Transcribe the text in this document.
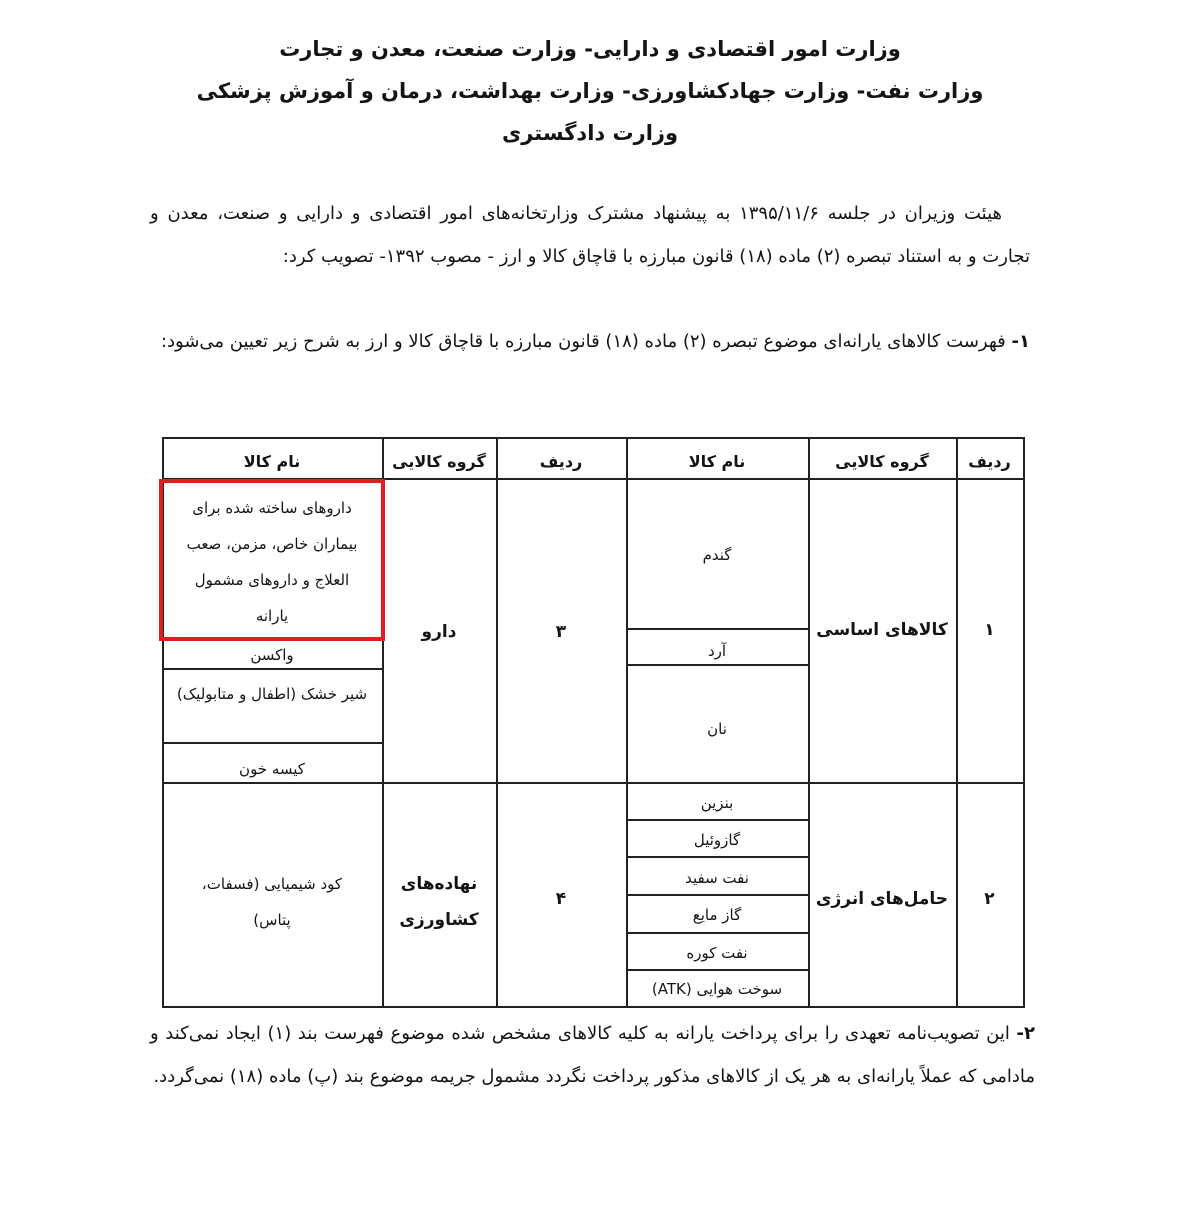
وزارت امور اقتصادی و دارایی- وزارت صنعت، معدن و تجارت
وزارت نفت- وزارت جهادکشاورزی- وزارت بهداشت، درمان و آموزش پزشکی
وزارت دادگستری
هیئت وزیران در جلسه ۱۳۹۵/۱۱/۶ به پیشنهاد مشترک وزارتخانه‌های امور اقتصادی و دارایی و صنعت، معدن و تجارت و به استناد تبصره (۲) ماده (۱۸) قانون مبارزه با قاچاق کالا و ارز - مصوب ۱۳۹۲- تصویب کرد:
۱- فهرست کالاهای یارانه‌ای موضوع تبصره (۲) ماده (۱۸) قانون مبارزه با قاچاق کالا و ارز به شرح زیر تعیین می‌شود:
ردیف
گروه کالایی
نام کالا
ردیف
گروه کالایی
نام کالا
۱
کالاهای اساسی
گندم
آرد
نان
۲
حامل‌های انرژی
بنزین
گازوئیل
نفت سفید
گاز مایع
نفت کوره
سوخت هوایی (ATK)
۳
دارو
داروهای ساخته شده برای بیماران خاص، مزمن، صعب العلاج و داروهای مشمول یارانه
واکسن
شیر خشک (اطفال و متابولیک)
کیسه خون
۴
نهاده‌های کشاورزی
کود شیمیایی (فسفات، پتاس)
۲- این تصویب‌نامه تعهدی را برای پرداخت یارانه به کلیه کالاهای مشخص شده موضوع فهرست بند (۱) ایجاد نمی‌کند و مادامی که عملاً یارانه‌ای به هر یک از کالاهای مذکور پرداخت نگردد مشمول جریمه موضوع بند (پ) ماده (۱۸) نمی‌گردد.
